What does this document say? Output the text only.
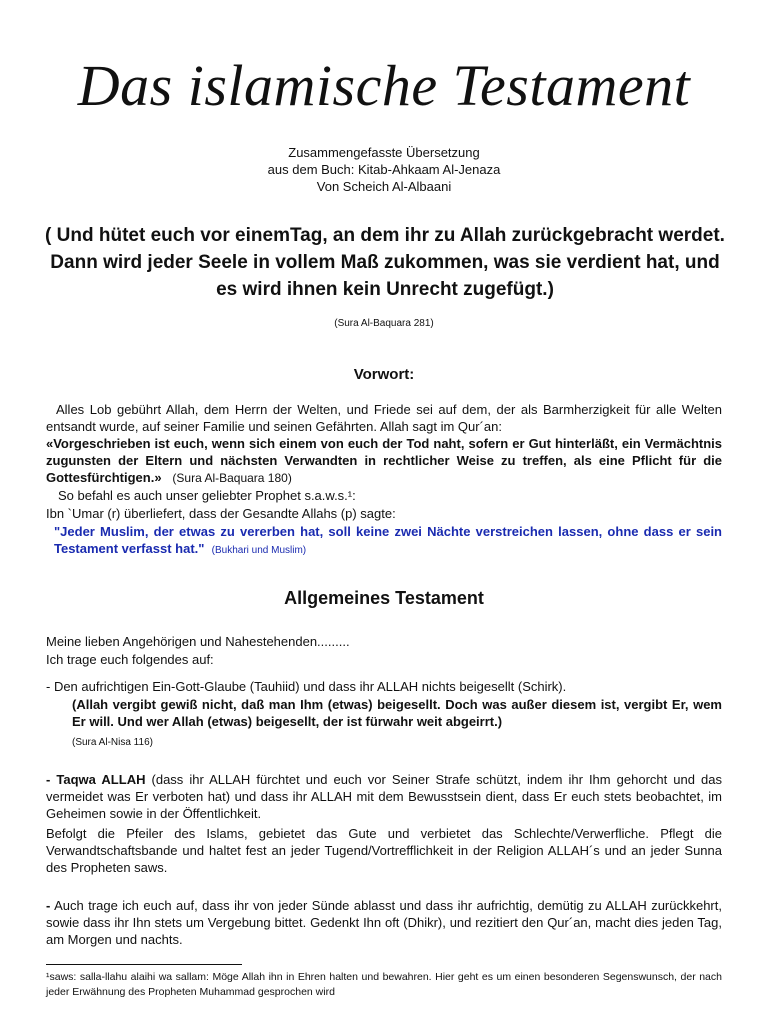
Das islamische Testament
Zusammengefasste Übersetzung
aus dem Buch: Kitab-Ahkaam Al-Jenaza
Von Scheich Al-Albaani
( Und hütet euch vor einemTag, an dem ihr zu Allah zurückgebracht werdet. Dann wird jeder Seele in vollem Maß zukommen, was sie verdient hat, und es wird ihnen kein Unrecht zugefügt.)
(Sura Al-Baquara 281)
Vorwort:
Alles Lob gebührt Allah, dem Herrn der Welten, und Friede sei auf dem, der als Barmherzigkeit für alle Welten entsandt wurde, auf seiner Familie und seinen Gefährten. Allah sagt im Qur´an:
«Vorgeschrieben ist euch, wenn sich einem von euch der Tod naht, sofern er Gut hinterläßt, ein Vermächtnis zugunsten der Eltern und nächsten Verwandten in rechtlicher Weise zu treffen, als eine Pflicht für die Gottesfürchtigen.» (Sura Al-Baquara 180)
So befahl es auch unser geliebter Prophet s.a.w.s.¹:
Ibn `Umar (r) überliefert, dass der Gesandte Allahs (p) sagte:
"Jeder Muslim, der etwas zu vererben hat, soll keine zwei Nächte verstreichen lassen, ohne dass er sein Testament verfasst hat." (Bukhari und Muslim)
Allgemeines Testament
Meine lieben Angehörigen und Nahestehenden.........
Ich trage euch folgendes auf:
- Den aufrichtigen Ein-Gott-Glaube (Tauhiid) und dass ihr ALLAH nichts beigesellt (Schirk).
(Allah vergibt gewiß nicht, daß man Ihm (etwas) beigesellt. Doch was außer diesem ist, vergibt Er, wem Er will. Und wer Allah (etwas) beigesellt, der ist fürwahr weit abgeirrt.)
(Sura Al-Nisa 116)
- Taqwa ALLAH (dass ihr ALLAH fürchtet und euch vor Seiner Strafe schützt, indem ihr Ihm gehorcht und das vermeidet was Er verboten hat) und dass ihr ALLAH mit dem Bewusstsein dient, dass Er euch stets beobachtet, im Geheimen sowie in der Öffentlichkeit.
Befolgt die Pfeiler des Islams, gebietet das Gute und verbietet das Schlechte/Verwerfliche. Pflegt die Verwandtschaftsbande und haltet fest an jeder Tugend/Vortrefflichkeit in der Religion ALLAH´s und an jeder Sunna des Propheten saws.
- Auch trage ich euch auf, dass ihr von jeder Sünde ablasst und dass ihr aufrichtig, demütig zu ALLAH zurückkehrt, sowie dass ihr Ihn stets um Vergebung bittet. Gedenkt Ihn oft (Dhikr), und rezitiert den Qur´an, macht dies jeden Tag, am Morgen und nachts.
¹saws: salla-llahu alaihi wa sallam: Möge Allah ihn in Ehren halten und bewahren. Hier geht es um einen besonderen Segenswunsch, der nach jeder Erwähnung des Propheten Muhammad gesprochen wird
